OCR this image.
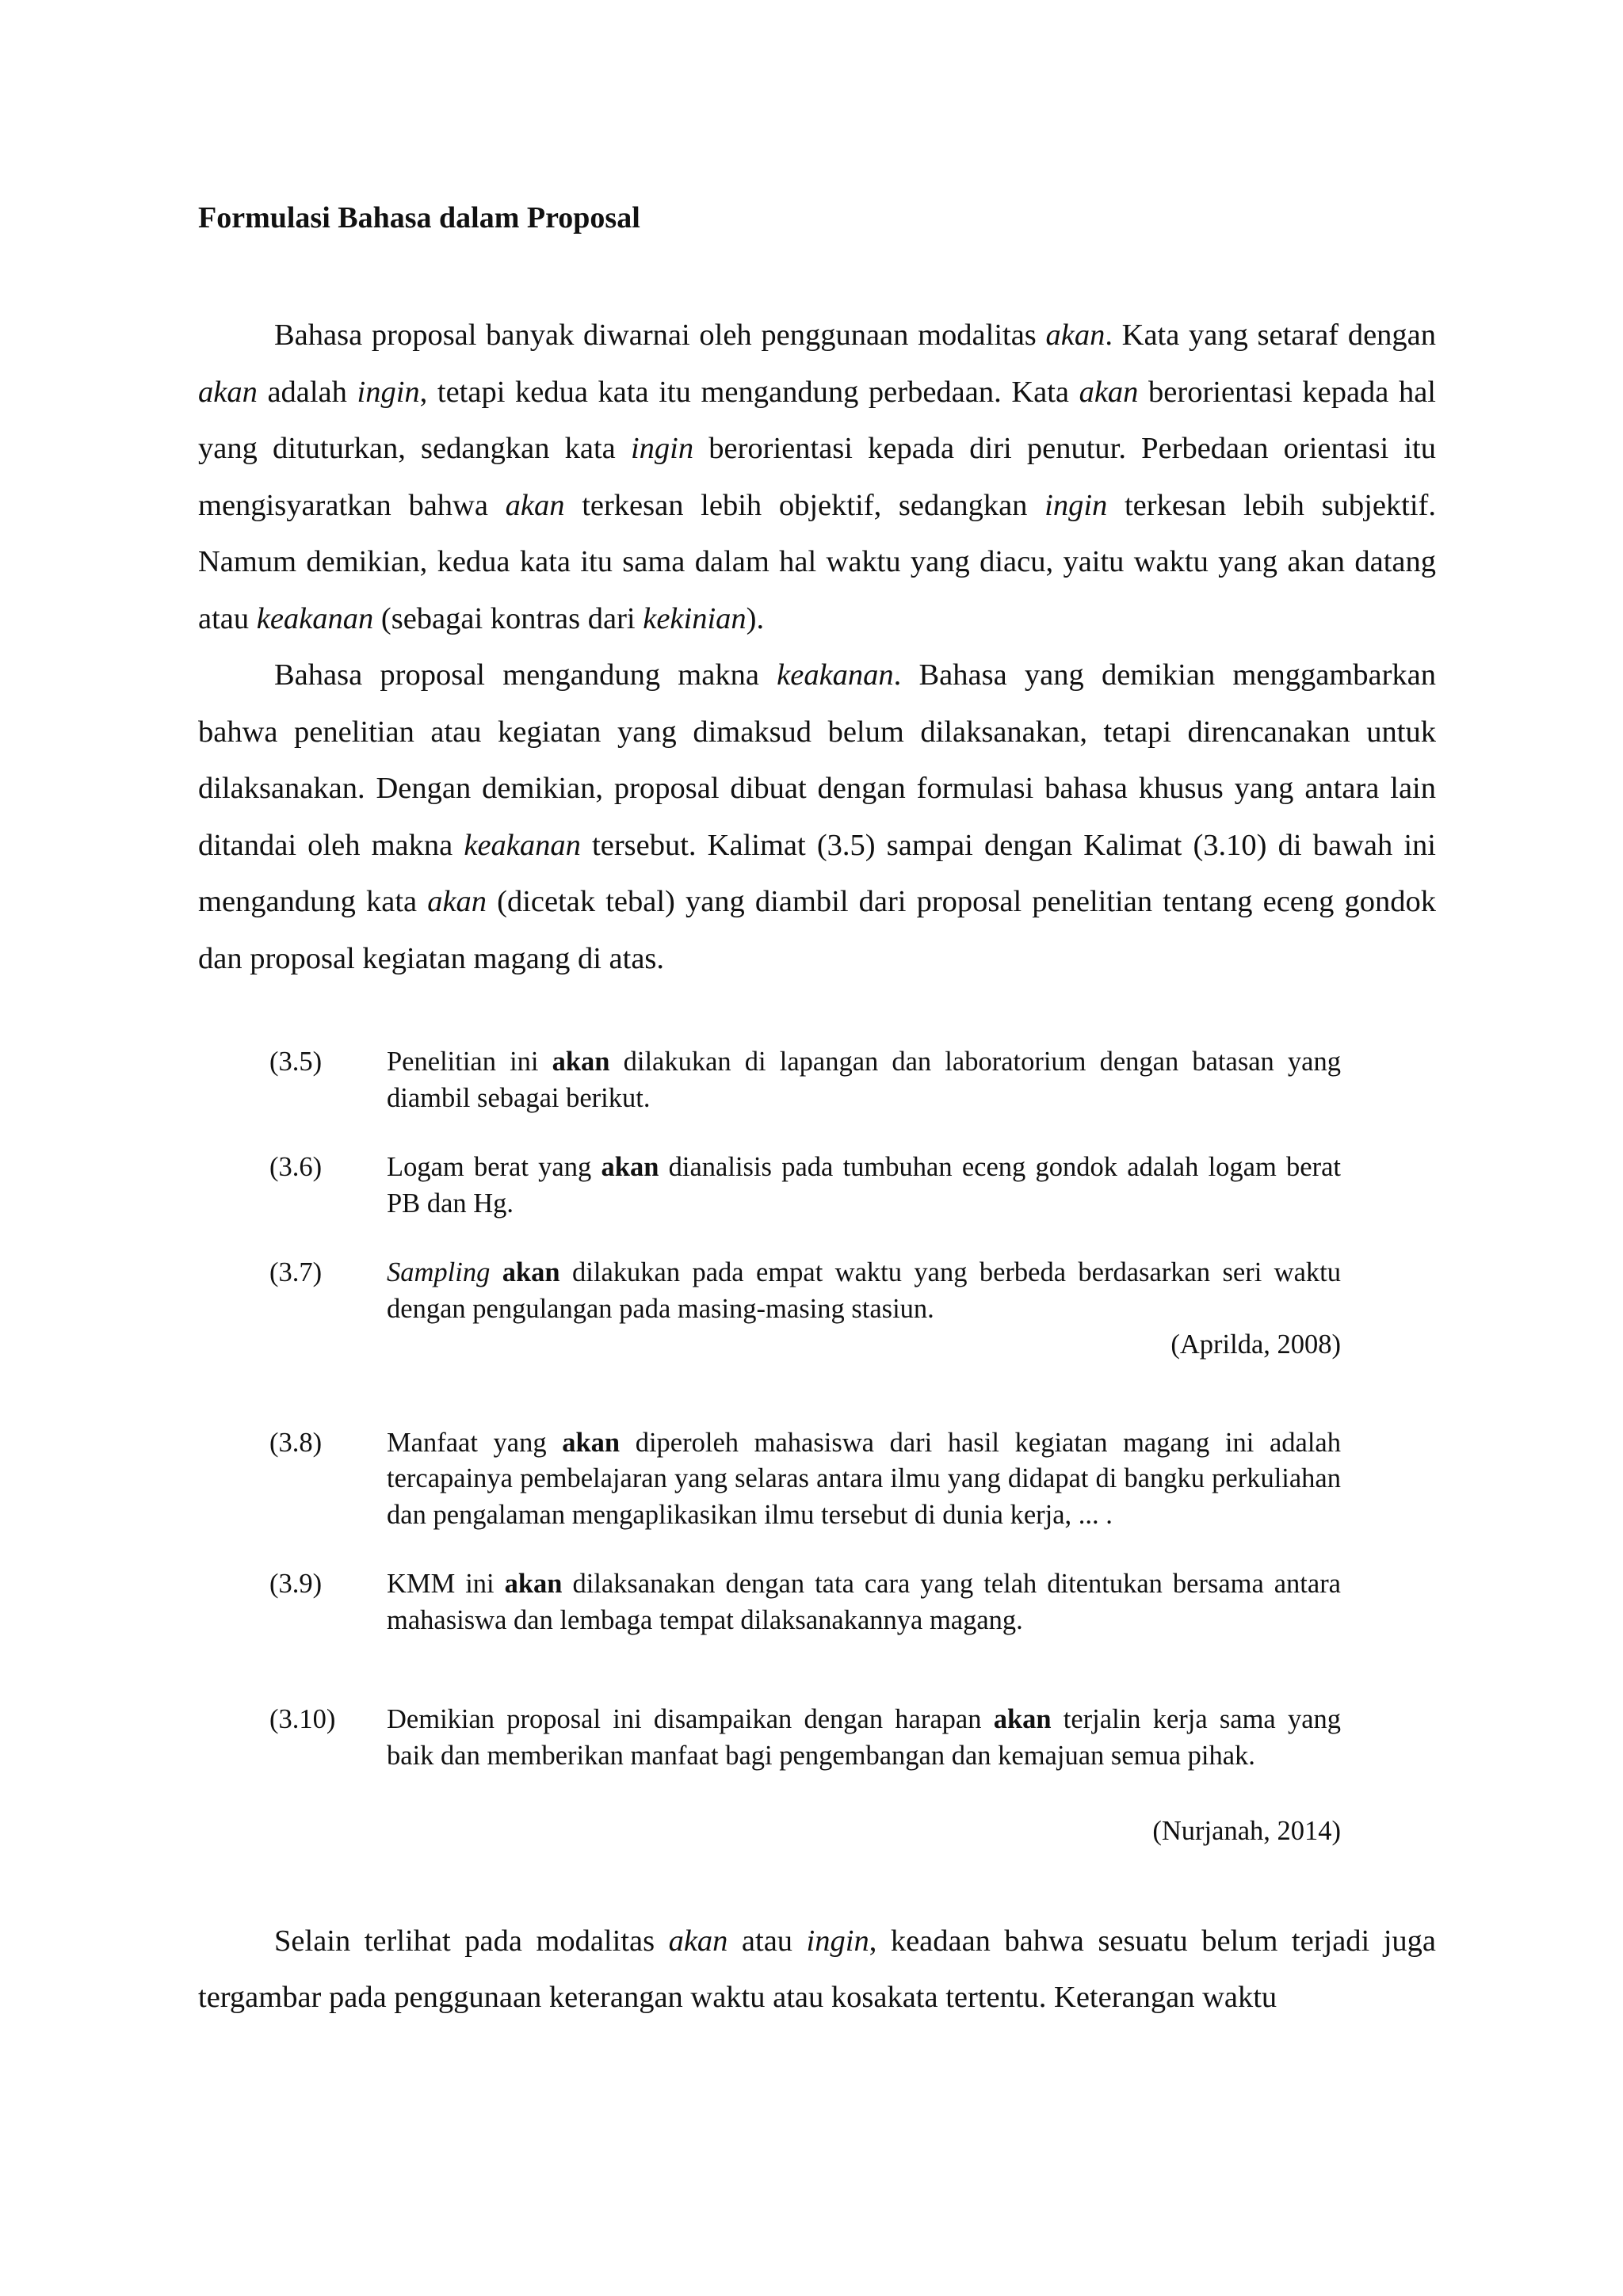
Formulasi Bahasa dalam Proposal

Bahasa proposal banyak diwarnai oleh penggunaan modalitas akan. Kata yang setaraf dengan akan adalah ingin, tetapi kedua kata itu mengandung perbedaan. Kata akan berorientasi kepada hal yang dituturkan, sedangkan kata ingin berorientasi kepada diri penutur. Perbedaan orientasi itu mengisyaratkan bahwa akan terkesan lebih objektif, sedangkan ingin terkesan lebih subjektif. Namum demikian, kedua kata itu sama dalam hal waktu yang diacu, yaitu waktu yang akan datang atau keakanan (sebagai kontras dari kekinian).

Bahasa proposal mengandung makna keakanan. Bahasa yang demikian menggambarkan bahwa penelitian atau kegiatan yang dimaksud belum dilaksanakan, tetapi direncanakan untuk dilaksanakan. Dengan demikian, proposal dibuat dengan formulasi bahasa khusus yang antara lain ditandai oleh makna keakanan tersebut. Kalimat (3.5) sampai dengan Kalimat (3.10) di bawah ini mengandung kata akan (dicetak tebal) yang diambil dari proposal penelitian tentang eceng gondok dan proposal kegiatan magang di atas.

(3.5)	Penelitian ini akan dilakukan di lapangan dan laboratorium dengan batasan yang diambil sebagai berikut.
(3.6)	Logam berat yang akan dianalisis pada tumbuhan eceng gondok adalah logam berat PB dan Hg.
(3.7)	Sampling akan dilakukan pada empat waktu yang berbeda berdasarkan seri waktu dengan pengulangan pada masing-masing stasiun.
(Aprilda, 2008)
(3.8)	Manfaat yang akan diperoleh mahasiswa dari hasil kegiatan magang ini adalah tercapainya pembelajaran yang selaras antara ilmu yang didapat di bangku perkuliahan dan pengalaman mengaplikasikan ilmu tersebut di dunia kerja, ... .
(3.9)	KMM ini akan dilaksanakan dengan tata cara yang telah ditentukan bersama antara mahasiswa dan lembaga tempat dilaksanakannya magang.
(3.10)	Demikian proposal ini disampaikan dengan harapan akan terjalin kerja sama yang baik dan memberikan manfaat bagi pengembangan dan kemajuan semua pihak.
(Nurjanah, 2014)

Selain terlihat pada modalitas akan atau ingin, keadaan bahwa sesuatu belum terjadi juga tergambar pada penggunaan keterangan waktu atau kosakata tertentu. Keterangan waktu
